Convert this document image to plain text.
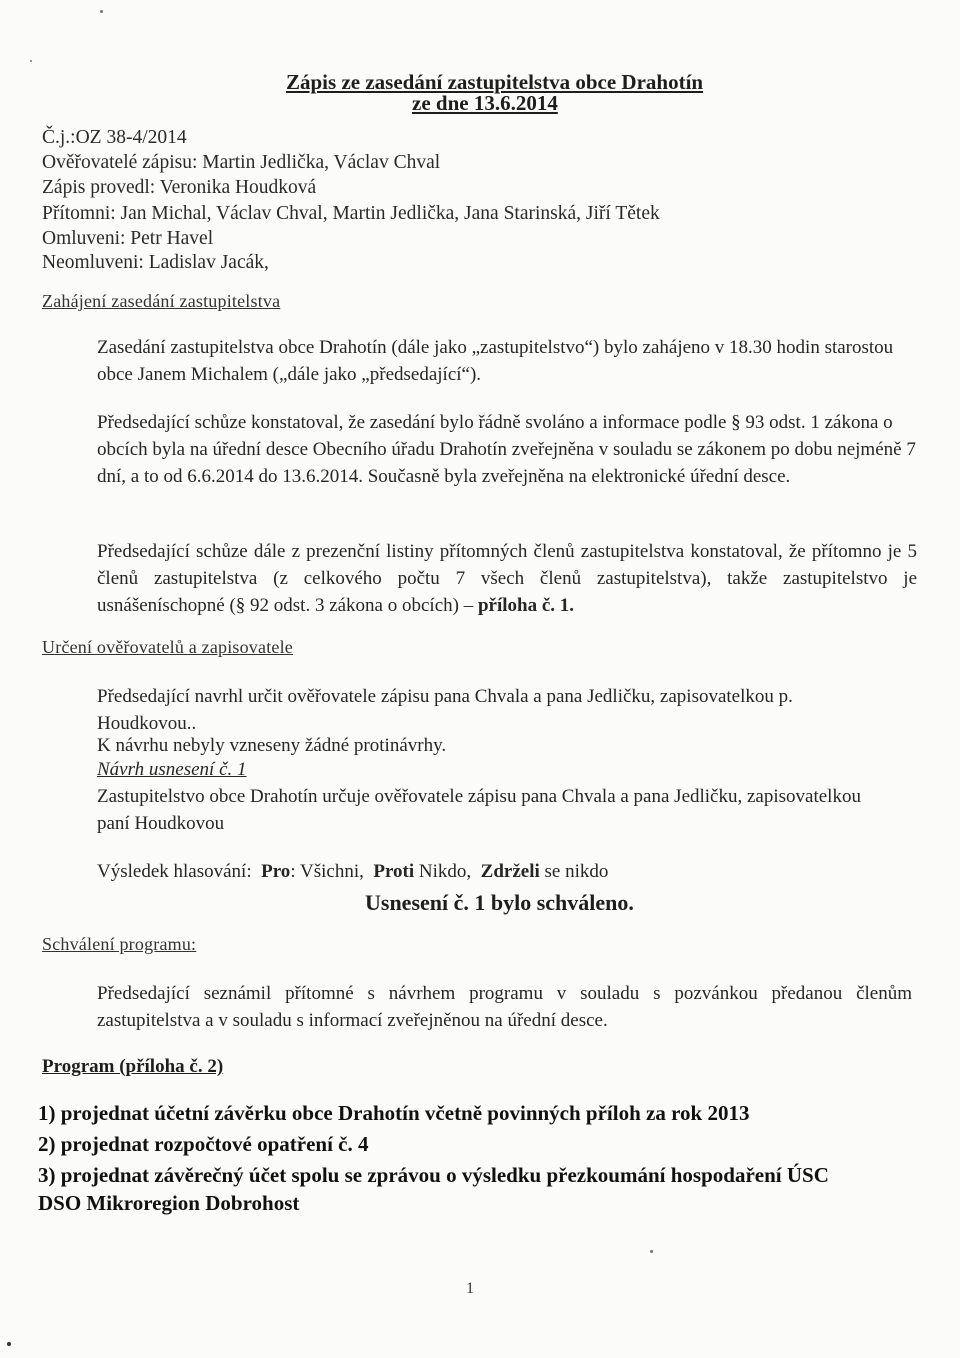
Zápis ze zasedání zastupitelstva obce Drahotín
ze dne 13.6.2014
Č.j.:OZ 38-4/2014
Ověřovatelé zápisu: Martin Jedlička, Václav Chval
Zápis provedl: Veronika Houdková
Přítomni: Jan Michal, Václav Chval, Martin Jedlička, Jana Starinská, Jiří Tětek
Omluveni: Petr Havel
Neomluveni: Ladislav Jacák,
Zahájení zasedání zastupitelstva
Zasedání zastupitelstva obce Drahotín (dále jako „zastupitelstvo“) bylo zahájeno v 18.30 hodin starostou obce Janem Michalem („dále jako „předsedající“).
Předsedající schůze konstatoval, že zasedání bylo řádně svoláno a informace podle § 93 odst. 1 zákona o obcích byla na úřední desce Obecního úřadu Drahotín zveřejněna v souladu se zákonem po dobu nejméně 7 dní, a to od 6.6.2014 do 13.6.2014. Současně byla zveřejněna na elektronické úřední desce.
Předsedající schůze dále z prezenční listiny přítomných členů zastupitelstva konstatoval, že přítomno je 5 členů zastupitelstva (z celkového počtu 7 všech členů zastupitelstva), takže zastupitelstvo je usnášeníschopné (§ 92 odst. 3 zákona o obcích) – příloha č. 1.
Určení ověřovatelů a zapisovatele
Předsedající navrhl určit ověřovatele zápisu pana Chvala a pana Jedličku, zapisovatelkou p. Houdkovou..
K návrhu nebyly vzneseny žádné protinávrhy.
Návrh usnesení č. 1
Zastupitelstvo obce Drahotín určuje ověřovatele zápisu pana Chvala a pana Jedličku, zapisovatelkou paní Houdkovou
Výsledek hlasování: Pro: Všichni, Proti Nikdo, Zdrželi se nikdo
Usnesení č. 1 bylo schváleno.
Schválení programu:
Předsedající seznámil přítomné s návrhem programu v souladu s pozvánkou předanou členům zastupitelstva a v souladu s informací zveřejněnou na úřední desce.
Program (příloha č. 2)
1) projednat účetní závěrku obce Drahotín včetně povinných příloh za rok 2013
2) projednat rozpočtové opatření č. 4
3) projednat závěrečný účet spolu se zprávou o výsledku přezkoumání hospodaření ÚSC
DSO Mikroregion Dobrohost
1
